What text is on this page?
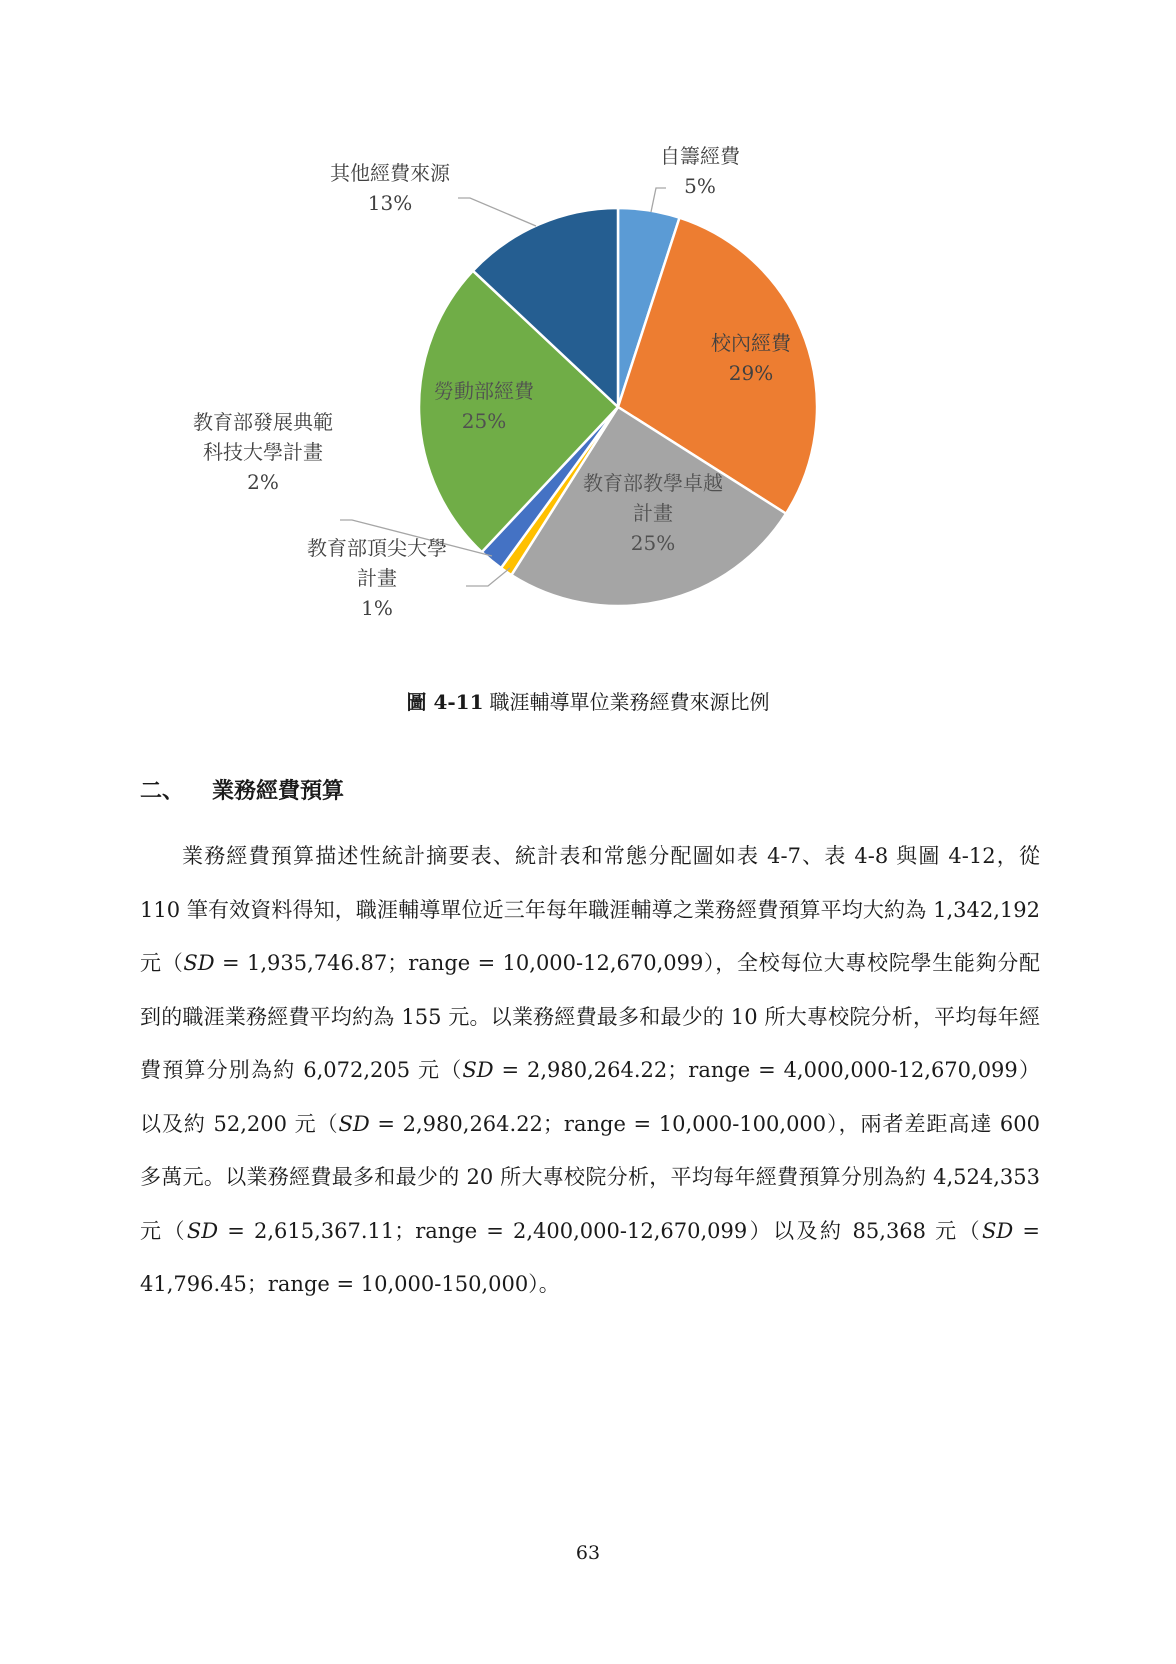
自籌經費 5%
校內經費 29%
教育部教學卓越計畫 25%
教育部頂尖大學計畫 1%
教育部發展典範科技大學計畫 2%
勞動部經費 25%
其他經費來源 13%
圖 4-11 職涯輔導單位業務經費來源比例
二、 業務經費預算

業務經費預算描述性統計摘要表、統計表和常態分配圖如表 4-7、表 4-8 與圖 4-12，從 110 筆有效資料得知，職涯輔導單位近三年每年職涯輔導之業務經費預算平均大約為 1,342,192 元（SD = 1,935,746.87；range = 10,000-12,670,099），全校每位大專校院學生能夠分配到的職涯業務經費平均約為 155 元。以業務經費最多和最少的 10 所大專校院分析，平均每年經費預算分別為約 6,072,205 元（SD = 2,980,264.22；range = 4,000,000-12,670,099）以及約 52,200 元（SD = 2,980,264.22；range = 10,000-100,000），兩者差距高達 600 多萬元。以業務經費最多和最少的 20 所大專校院分析，平均每年經費預算分別為約 4,524,353 元（SD = 2,615,367.11；range = 2,400,000-12,670,099）以及約 85,368 元（SD = 41,796.45；range = 10,000-150,000）。

63
